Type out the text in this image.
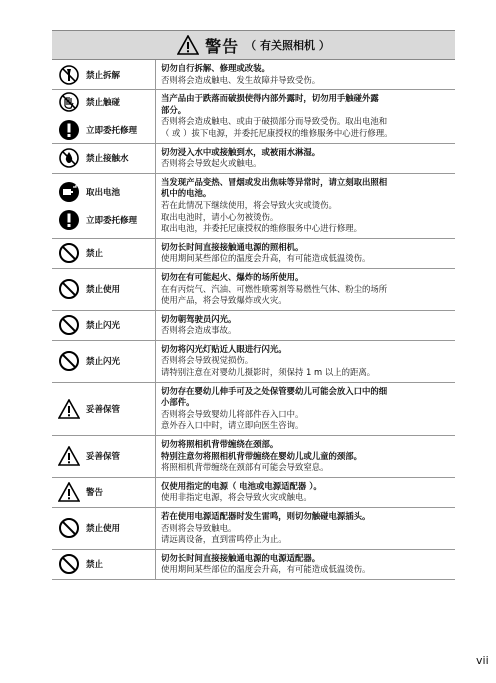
警告 （ 有关照相机 ）
禁止拆解
切勿自行拆解、修理或改装。
否则将会造成触电、发生故障并导致受伤。
禁止触碰
立即委托修理
当产品由于跌落而破损使得内部外露时，切勿用手触碰外露
部分。
否则将会造成触电、或由于破损部分而导致受伤。取出电池和
（ 或 ）拔下电源，并委托尼康授权的维修服务中心进行修理。
禁止接触水
切勿浸入水中或接触到水，或被雨水淋湿。
否则将会导致起火或触电。
取出电池
立即委托修理
当发现产品变热、冒烟或发出焦味等异常时，请立刻取出照相
机中的电池。
若在此情况下继续使用，将会导致火灾或烫伤。
取出电池时，请小心勿被烫伤。
取出电池，并委托尼康授权的维修服务中心进行修理。
禁止
切勿长时间直接接触通电源的照相机。
使用期间某些部位的温度会升高，有可能造成低温烫伤。
禁止使用
切勿在有可能起火、爆炸的场所使用。
在有丙烷气、汽油、可燃性喷雾剂等易燃性气体、粉尘的场所
使用产品，将会导致爆炸或火灾。
禁止闪光
切勿朝驾驶员闪光。
否则将会造成事故。
禁止闪光
切勿将闪光灯贴近人眼进行闪光。
否则将会导致视觉损伤。
请特别注意在对婴幼儿摄影时，须保持 1 m 以上的距离。
妥善保管
切勿存在婴幼儿伸手可及之处保管婴幼儿可能会放入口中的细
小部件。
否则将会导致婴幼儿将部件吞入口中。
意外吞入口中时，请立即向医生咨询。
妥善保管
切勿将照相机背带缠绕在颈部。
特别注意勿将照相机背带缠绕在婴幼儿或儿童的颈部。
将照相机背带缠绕在颈部有可能会导致窒息。
警告
仅使用指定的电源（ 电池或电源适配器 ）。
使用非指定电源，将会导致火灾或触电。
禁止使用
若在使用电源适配器时发生雷鸣，则切勿触碰电源插头。
否则将会导致触电。
请远离设备，直到雷鸣停止为止。
禁止
切勿长时间直接接触通电源的电源适配器。
使用期间某些部位的温度会升高，有可能造成低温烫伤。
vii
